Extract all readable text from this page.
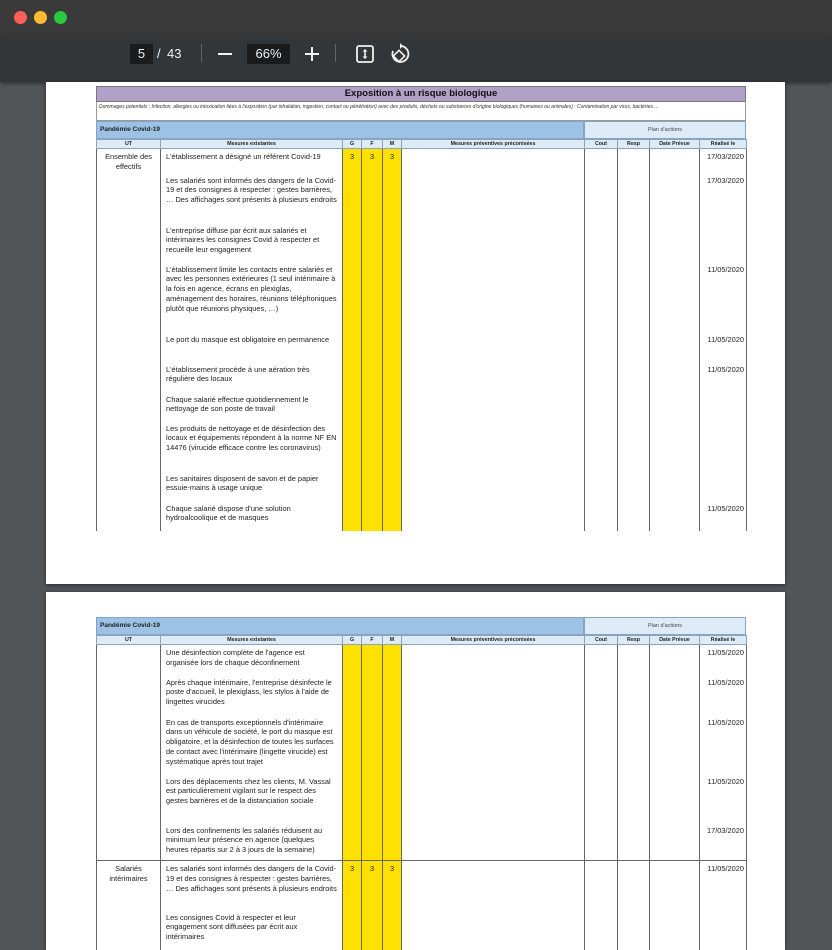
5 / 43	66%
Exposition à un risque biologique
Dommages potentiels : Infection, allergies ou intoxication liées à l'exposition (par inhalation, ingestion, contact ou pénétration) avec des produits, déchets ou substances d'origine biologiques (humaines ou animales) : Contamination par virus, bactéries....
Pandémie Covid-19	Plan d'actions
UT	Mesures existantes	G	F	M	Mesures préventives préconisées	Cout	Resp	Date Prévue	Réalisé le
Ensemble des effectifs	L'établissement a désigné un référent Covid-19	3	3	3					17/03/2020
	Les salariés sont informés des dangers de la Covid-19 et des consignes à respecter : gestes barrières, … Des affichages sont présents à plusieurs endroits								17/03/2020
	L'entreprise diffuse par écrit aux salariés et intérimaires les consignes Covid à respecter et recueille leur engagement								
	L'établissement limite les contacts entre salariés et avec les personnes extérieures (1 seul intérimaire à la fois en agence, écrans en plexiglas, aménagement des horaires, réunions téléphoniques plutôt que réunions physiques, …)								11/05/2020
	Le port du masque est obligatoire en permanence								11/05/2020
	L'établissement procède à une aération très régulière des locaux								11/05/2020
	Chaque salarié effectue quotidiennement le nettoyage de son poste de travail								
	Les produits de nettoyage et de désinfection des locaux et équipements répondent à la norme NF EN 14476 (virucide efficace contre les coronavirus)								
	Les sanitaires disposent de savon et de papier essuie-mains à usage unique								
	Chaque salarié dispose d'une solution hydroalcoolique et de masques								11/05/2020
Pandémie Covid-19	Plan d'actions
UT	Mesures existantes	G	F	M	Mesures préventives préconisées	Cout	Resp	Date Prévue	Réalisé le
	Une désinfection complète de l'agence est organisée lors de chaque déconfinement								11/05/2020
	Après chaque intérimaire, l'entreprise désinfecte le poste d'accueil, le plexiglass, les stylos à l'aide de lingettes virucides								11/05/2020
	En cas de transports exceptionnels d'intérimaire dans un véhicule de société, le port du masque est obligatoire, et la désinfection de toutes les surfaces de contact avec l'intérimaire (lingette virucide) est systématique après tout trajet								11/05/2020
	Lors des déplacements chez les clients, M. Vassal est particulièrement vigilant sur le respect des gestes barrières et de la distanciation sociale								11/05/2020
	Lors des confinements les salariés réduisent au minimum leur présence en agence (quelques heures répartis sur 2 à 3 jours de la semaine)								17/03/2020
Salariés intérimaires	Les salariés sont informés des dangers de la Covid-19 et des consignes à respecter : gestes barrières, … Des affichages sont présents à plusieurs endroits	3	3	3					11/05/2020
	Les consignes Covid à respecter et leur engagement sont diffusées par écrit aux intérimaires								
